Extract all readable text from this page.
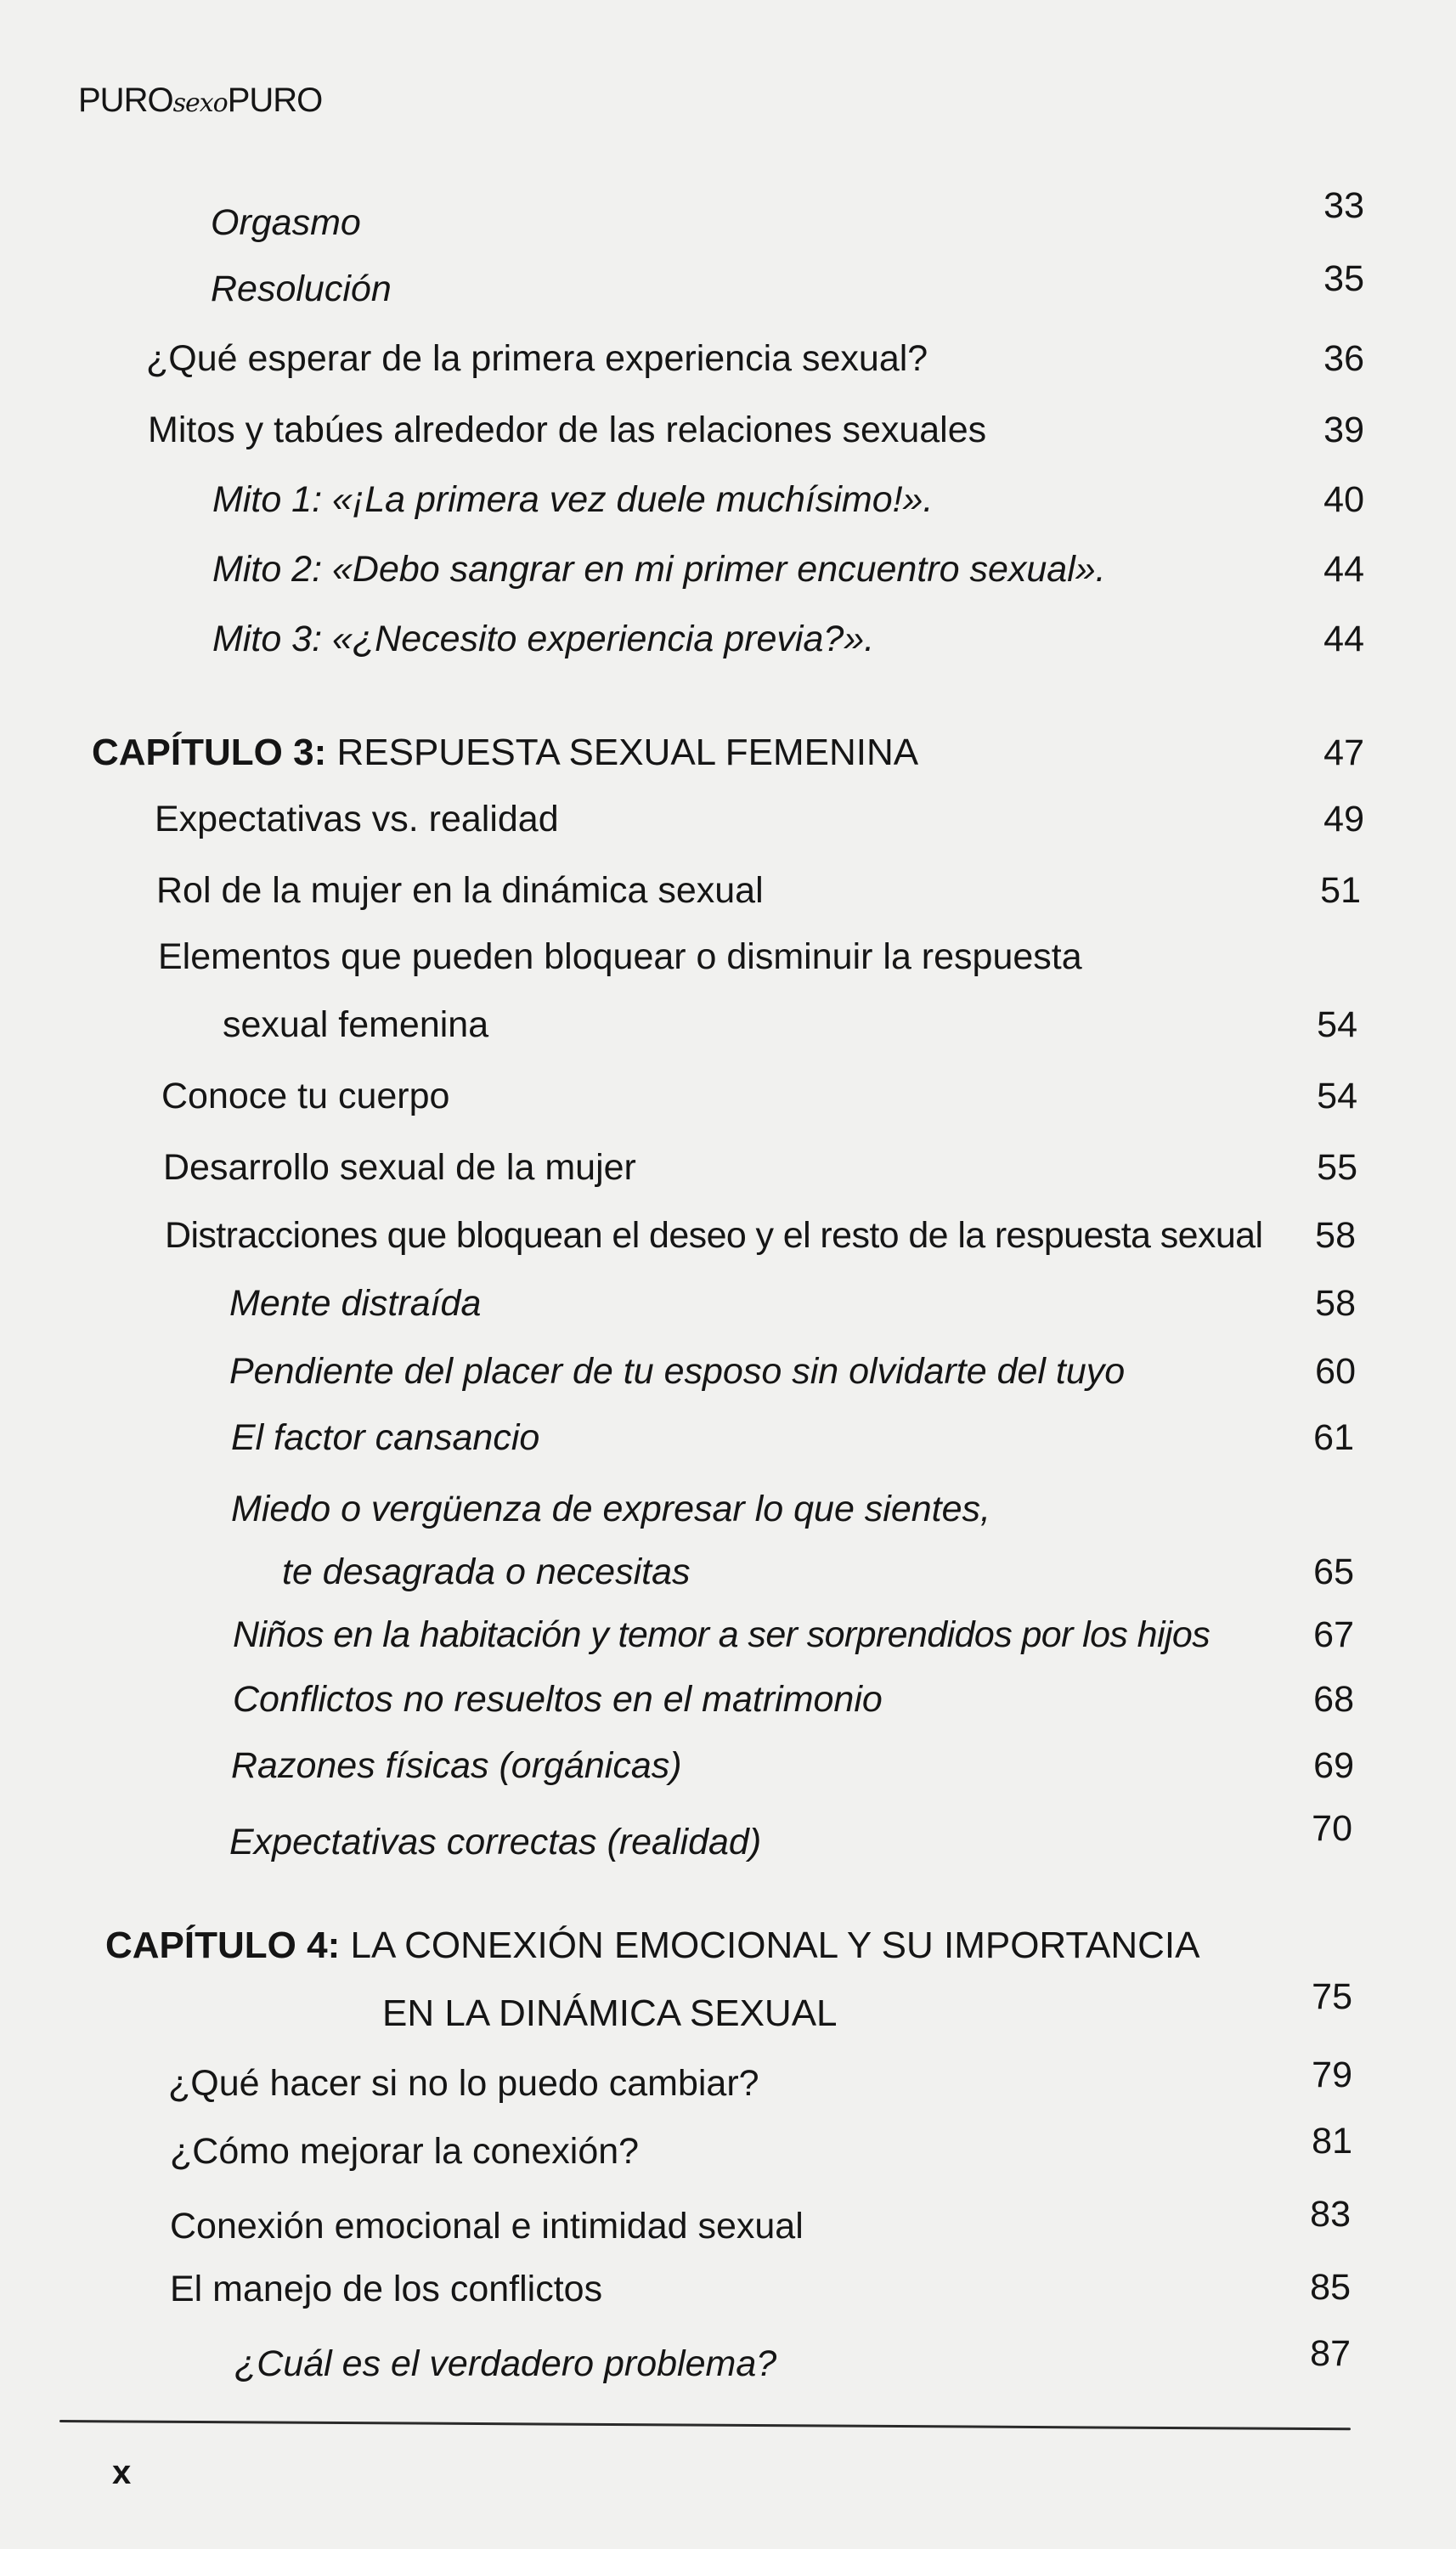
PUROsexoPURO
Orgasmo	33
Resolución	35
¿Qué esperar de la primera experiencia sexual?	36
Mitos y tabúes alrededor de las relaciones sexuales	39
Mito 1: «¡La primera vez duele muchísimo!».	40
Mito 2: «Debo sangrar en mi primer encuentro sexual».	44
Mito 3: «¿Necesito experiencia previa?».	44
CAPÍTULO 3: RESPUESTA SEXUAL FEMENINA	47
Expectativas vs. realidad	49
Rol de la mujer en la dinámica sexual	51
Elementos que pueden bloquear o disminuir la respuesta
sexual femenina	54
Conoce tu cuerpo	54
Desarrollo sexual de la mujer	55
Distracciones que bloquean el deseo y el resto de la respuesta sexual 58
Mente distraída	58
Pendiente del placer de tu esposo sin olvidarte del tuyo	60
El factor cansancio	61
Miedo o vergüenza de expresar lo que sientes,
te desagrada o necesitas	65
Niños en la habitación y temor a ser sorprendidos por los hijos	67
Conflictos no resueltos en el matrimonio	68
Razones físicas (orgánicas)	69
Expectativas correctas (realidad)	70
CAPÍTULO 4: LA CONEXIÓN EMOCIONAL Y SU IMPORTANCIA
EN LA DINÁMICA SEXUAL	75
¿Qué hacer si no lo puedo cambiar?	79
¿Cómo mejorar la conexión?	81
Conexión emocional e intimidad sexual	83
El manejo de los conflictos	85
¿Cuál es el verdadero problema?	87
x
